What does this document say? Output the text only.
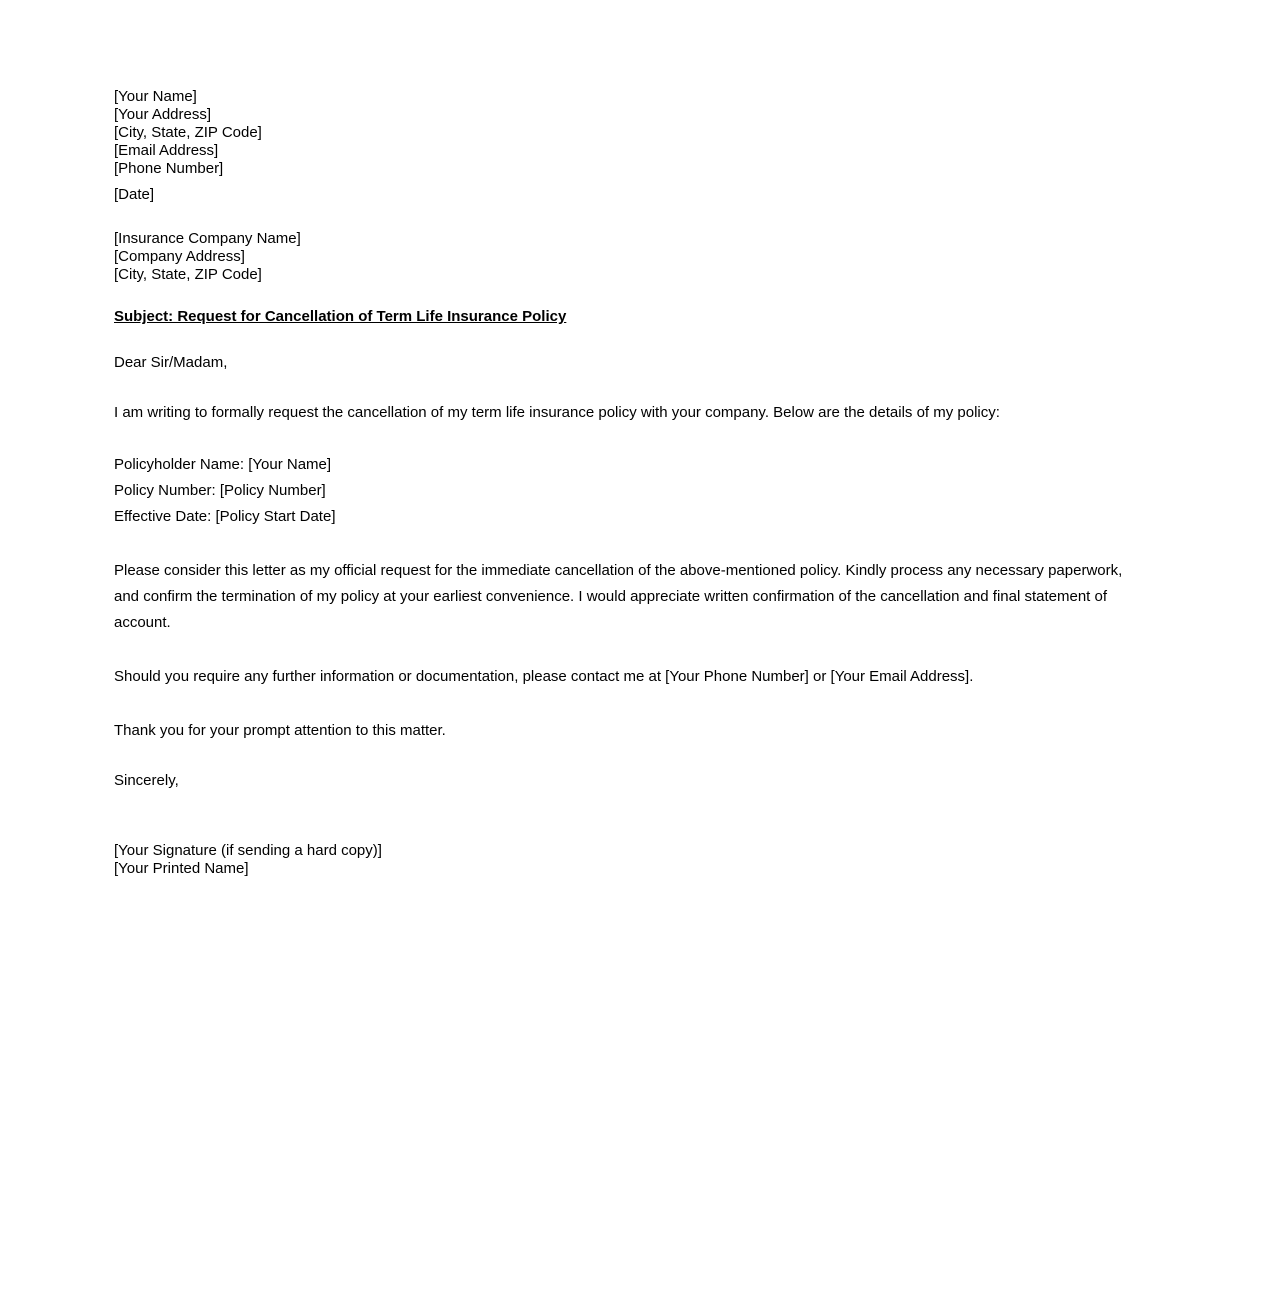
[Your Name]
[Your Address]
[City, State, ZIP Code]
[Email Address]
[Phone Number]
[Date]
[Insurance Company Name]
[Company Address]
[City, State, ZIP Code]
Subject: Request for Cancellation of Term Life Insurance Policy
Dear Sir/Madam,
I am writing to formally request the cancellation of my term life insurance policy with your company. Below are the details of my policy:
Policyholder Name: [Your Name]
Policy Number: [Policy Number]
Effective Date: [Policy Start Date]
Please consider this letter as my official request for the immediate cancellation of the above-mentioned policy. Kindly process any necessary paperwork, and confirm the termination of my policy at your earliest convenience. I would appreciate written confirmation of the cancellation and final statement of account.
Should you require any further information or documentation, please contact me at [Your Phone Number] or [Your Email Address].
Thank you for your prompt attention to this matter.
Sincerely,
[Your Signature (if sending a hard copy)]
[Your Printed Name]
